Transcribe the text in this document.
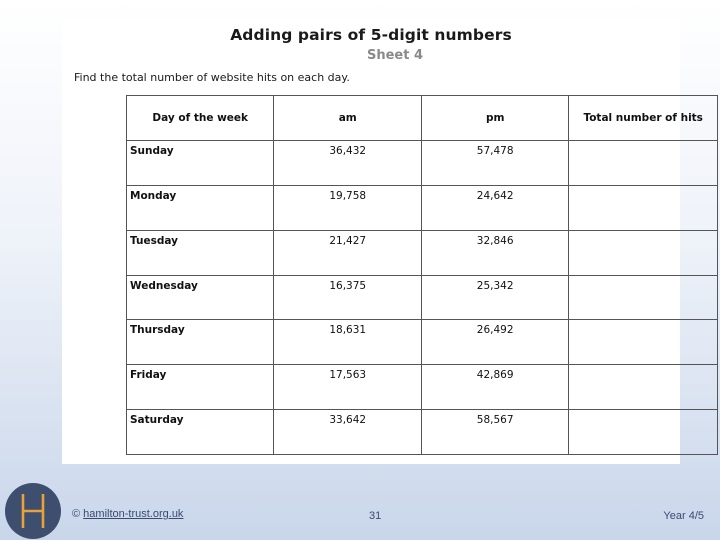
Adding pairs of 5-digit numbers
Sheet 4
Find the total number of website hits on each day.
Day of the week	am	pm	Total number of hits
Sunday	36,432	57,478	
Monday	19,758	24,642	
Tuesday	21,427	32,846	
Wednesday	16,375	25,342	
Thursday	18,631	26,492	
Friday	17,563	42,869	
Saturday	33,642	58,567	
© hamilton-trust.org.uk	31	Year 4/5
